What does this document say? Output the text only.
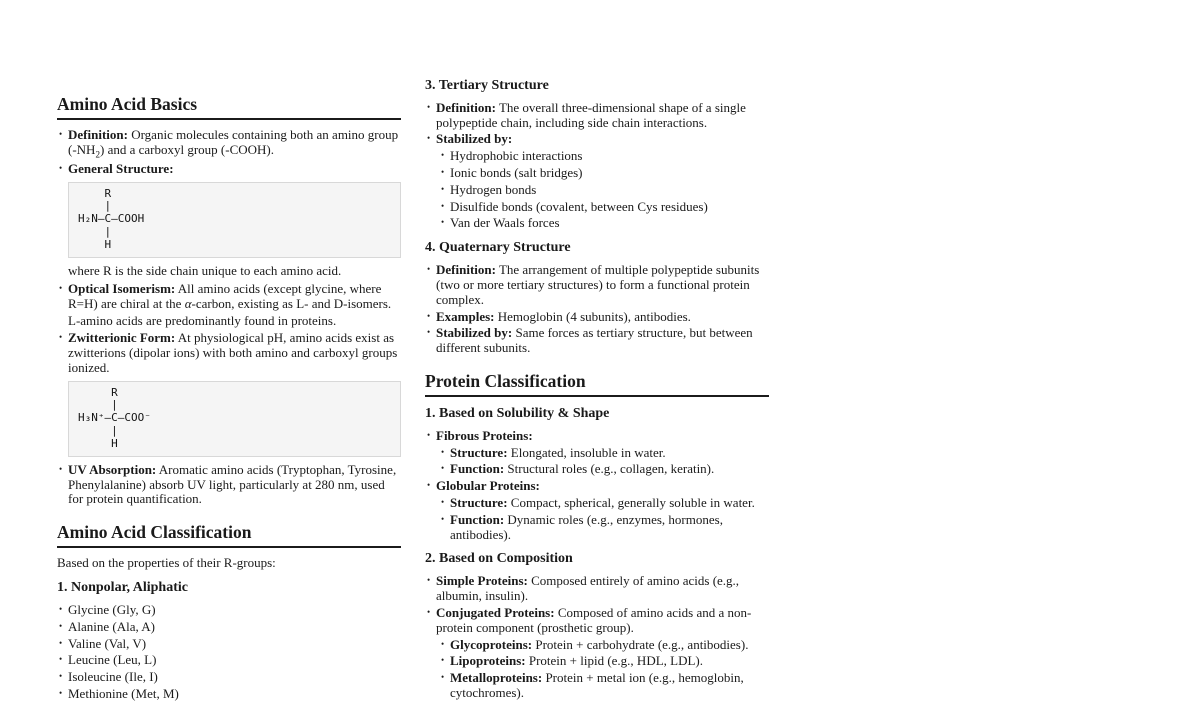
Amino Acid Basics
• Definition: Organic molecules containing both an amino group $(-NH_2)$ and a carboxyl group (-COOH).
• General Structure:
R
|
H₂N—C—COOH
|
H

where R is the side chain unique to each amino acid.

• Optical Isomerism: All amino acids (except glycine, where R=H) are chiral at the α-carbon, existing as L- and D-isomers.

L-amino acids are predominantly found in proteins.

• Zwitterionic Form: At physiological pH, amino acids exist as zwitterions (dipolar ions) with both amino and carboxyl groups ionized.
R
|
H₃N⁺—C—COO⁻
|
H
• UV Absorption: Aromatic amino acids (Tryptophan, Tyrosine, Phenylalanine) absorb UV light, particularly at 280 nm, used for protein quantification.
Amino Acid Classification

Based on the properties of their R-groups:

1. Nonpolar, Aliphatic
• Glycine (Gly, G)
• Alanine (Ala, A)
• Valine (Val, V)
• Leucine (Leu, L)
• Isoleucine (Ile, I)
• Methionine (Met, M)
3. Tertiary Structure
• Definition: The overall three-dimensional shape of a single polypeptide chain, including side chain interactions.
• Stabilized by:
• Hydrophobic interactions
• Ionic bonds (salt bridges)
• Hydrogen bonds
• Disulfide bonds (covalent, between Cys residues)
• Van der Waals forces
4. Quaternary Structure
• Definition: The arrangement of multiple polypeptide subunits (two or more tertiary structures) to form a functional protein complex.
• Examples: Hemoglobin (4 subunits), antibodies.
• Stabilized by: Same forces as tertiary structure, but between different subunits.
Protein Classification
1. Based on Solubility & Shape
• Fibrous Proteins:
• Structure: Elongated, insoluble in water.
• Function: Structural roles (e.g., collagen, keratin).
• Globular Proteins:
• Structure: Compact, spherical, generally soluble in water.
• Function: Dynamic roles (e.g., enzymes, hormones, antibodies).
2. Based on Composition
• Simple Proteins: Composed entirely of amino acids (e.g., albumin, insulin).
• Conjugated Proteins: Composed of amino acids and a non-protein component (prosthetic group).
• Glycoproteins: Protein + carbohydrate (e.g., antibodies).
• Lipoproteins: Protein + lipid (e.g., HDL, LDL).
• Metalloproteins: Protein + metal ion (e.g., hemoglobin, cytochromes).
